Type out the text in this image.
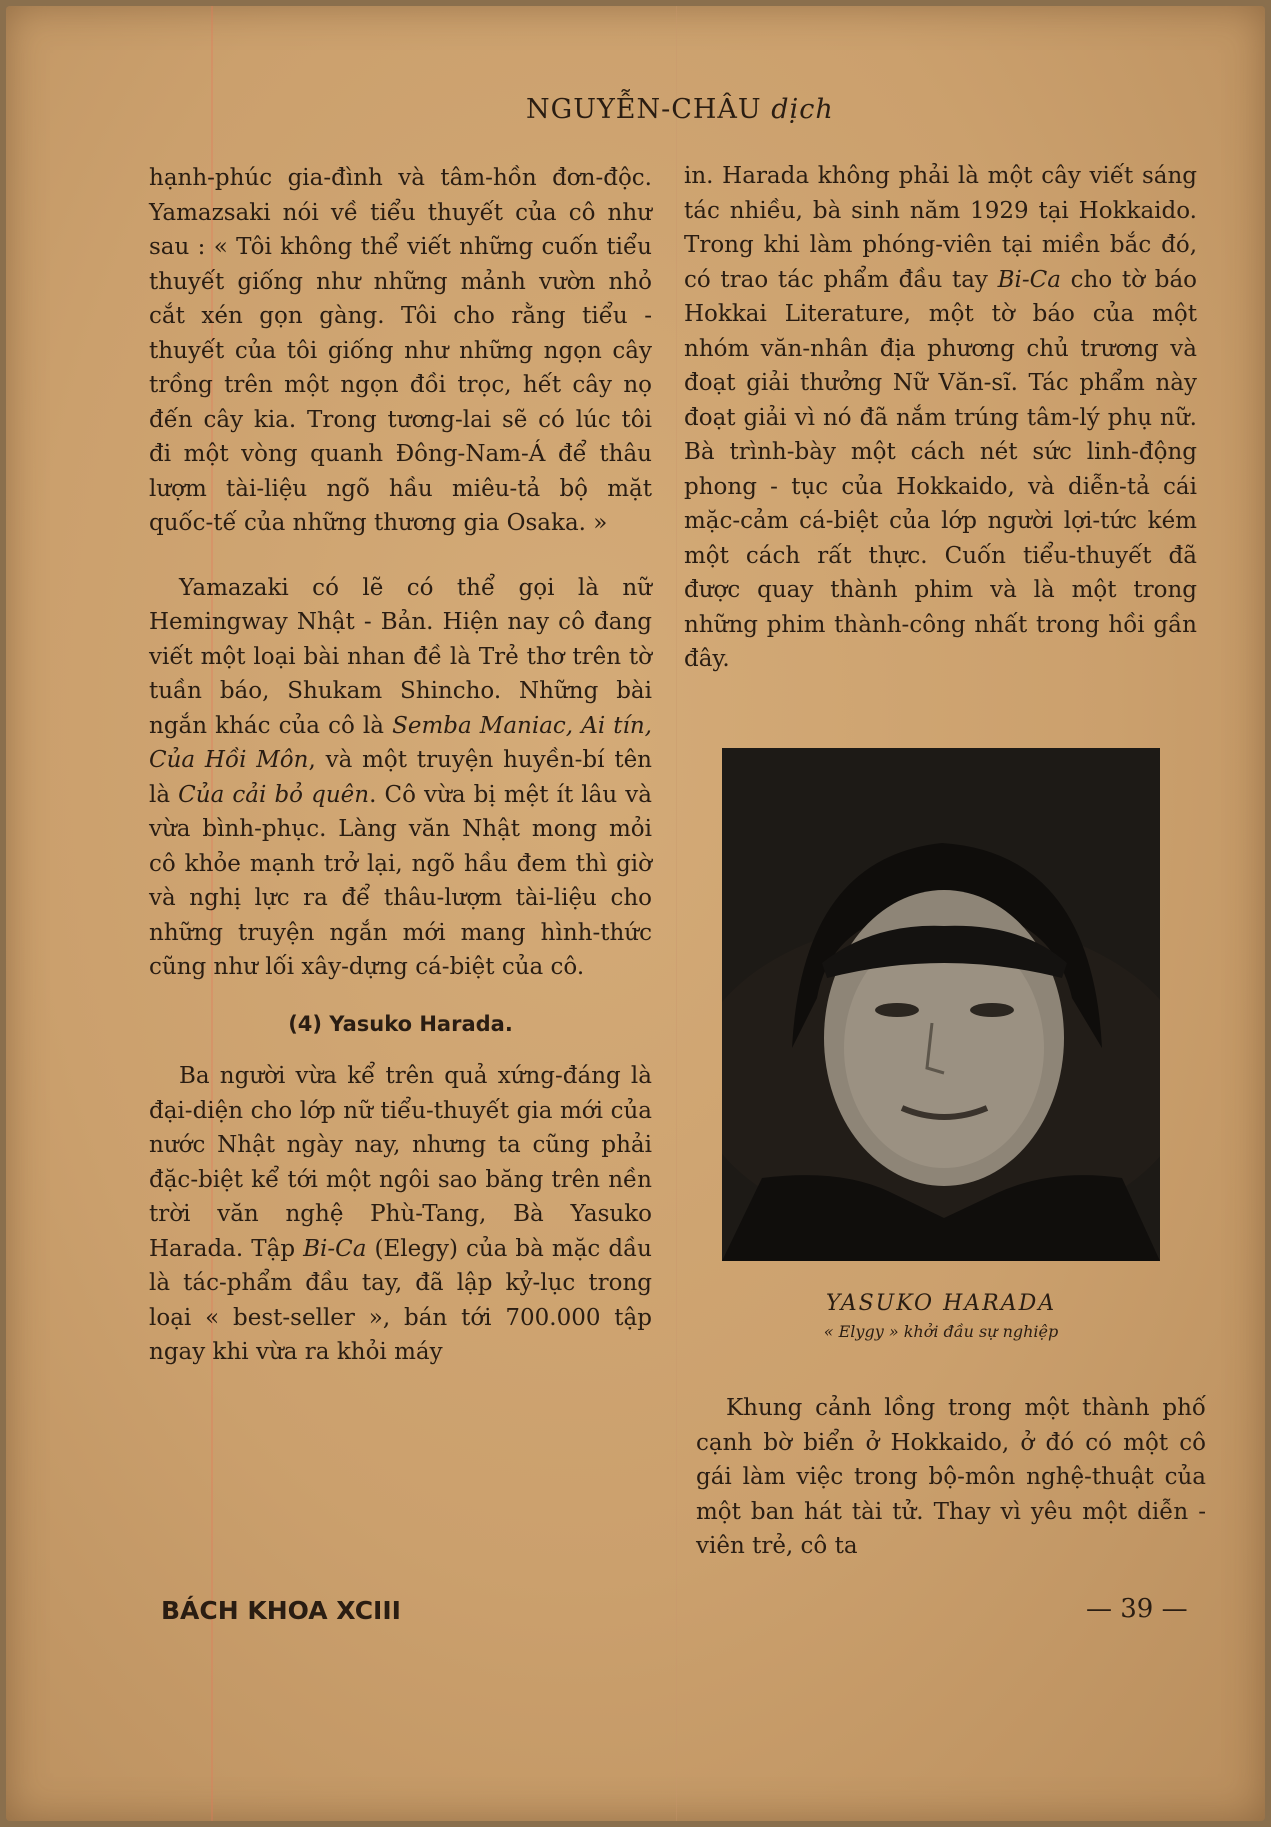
NGUYỄN-CHÂU dịch

hạnh-phúc gia-đình và tâm-hồn đơn-độc. Yamazsaki nói về tiểu thuyết của cô như sau : « Tôi không thể viết những cuốn tiểu thuyết giống như những mảnh vườn nhỏ cắt xén gọn gàng. Tôi cho rằng tiểu - thuyết của tôi giống như những ngọn cây trồng trên một ngọn đồi trọc, hết cây nọ đến cây kia. Trong tương-lai sẽ có lúc tôi đi một vòng quanh Đông-Nam-Á để thâu lượm tài-liệu ngõ hầu miêu-tả bộ mặt quốc-tế của những thương gia Osaka. »

Yamazaki có lẽ có thể gọi là nữ Hemingway Nhật - Bản. Hiện nay cô đang viết một loại bài nhan đề là Trẻ thơ trên tờ tuần báo, Shukam Shincho. Những bài ngắn khác của cô là Semba Maniac, Ai tín, Của Hồi Môn, và một truyện huyền-bí tên là Của cải bỏ quên. Cô vừa bị mệt ít lâu và vừa bình-phục. Làng văn Nhật mong mỏi cô khỏe mạnh trở lại, ngõ hầu đem thì giờ và nghị lực ra để thâu-lượm tài-liệu cho những truyện ngắn mới mang hình-thức cũng như lối xây-dựng cá-biệt của cô.

(4) Yasuko Harada.

Ba người vừa kể trên quả xứng-đáng là đại-diện cho lớp nữ tiểu-thuyết gia mới của nước Nhật ngày nay, nhưng ta cũng phải đặc-biệt kể tới một ngôi sao băng trên nền trời văn nghệ Phù-Tang, Bà Yasuko Harada. Tập Bi-Ca (Elegy) của bà mặc dầu là tác-phẩm đầu tay, đã lập kỷ-lục trong loại « best-seller », bán tới 700.000 tập ngay khi vừa ra khỏi máy

in. Harada không phải là một cây viết sáng tác nhiều, bà sinh năm 1929 tại Hokkaido. Trong khi làm phóng-viên tại miền bắc đó, có trao tác phẩm đầu tay Bi-Ca cho tờ báo Hokkai Literature, một tờ báo của một nhóm văn-nhân địa phương chủ trương và đoạt giải thưởng Nữ Văn-sĩ. Tác phẩm này đoạt giải vì nó đã nắm trúng tâm-lý phụ nữ. Bà trình-bày một cách nét sức linh-động phong - tục của Hokkaido, và diễn-tả cái mặc-cảm cá-biệt của lớp người lợi-tức kém một cách rất thực. Cuốn tiểu-thuyết đã được quay thành phim và là một trong những phim thành-công nhất trong hồi gần đây.

YASUKO HARADA
« Elygy » khởi đầu sự nghiệp

Khung cảnh lồng trong một thành phố cạnh bờ biển ở Hokkaido, ở đó có một cô gái làm việc trong bộ-môn nghệ-thuật của một ban hát tài tử. Thay vì yêu một diễn - viên trẻ, cô ta

BÁCH KHOA XCIII	— 39 —
